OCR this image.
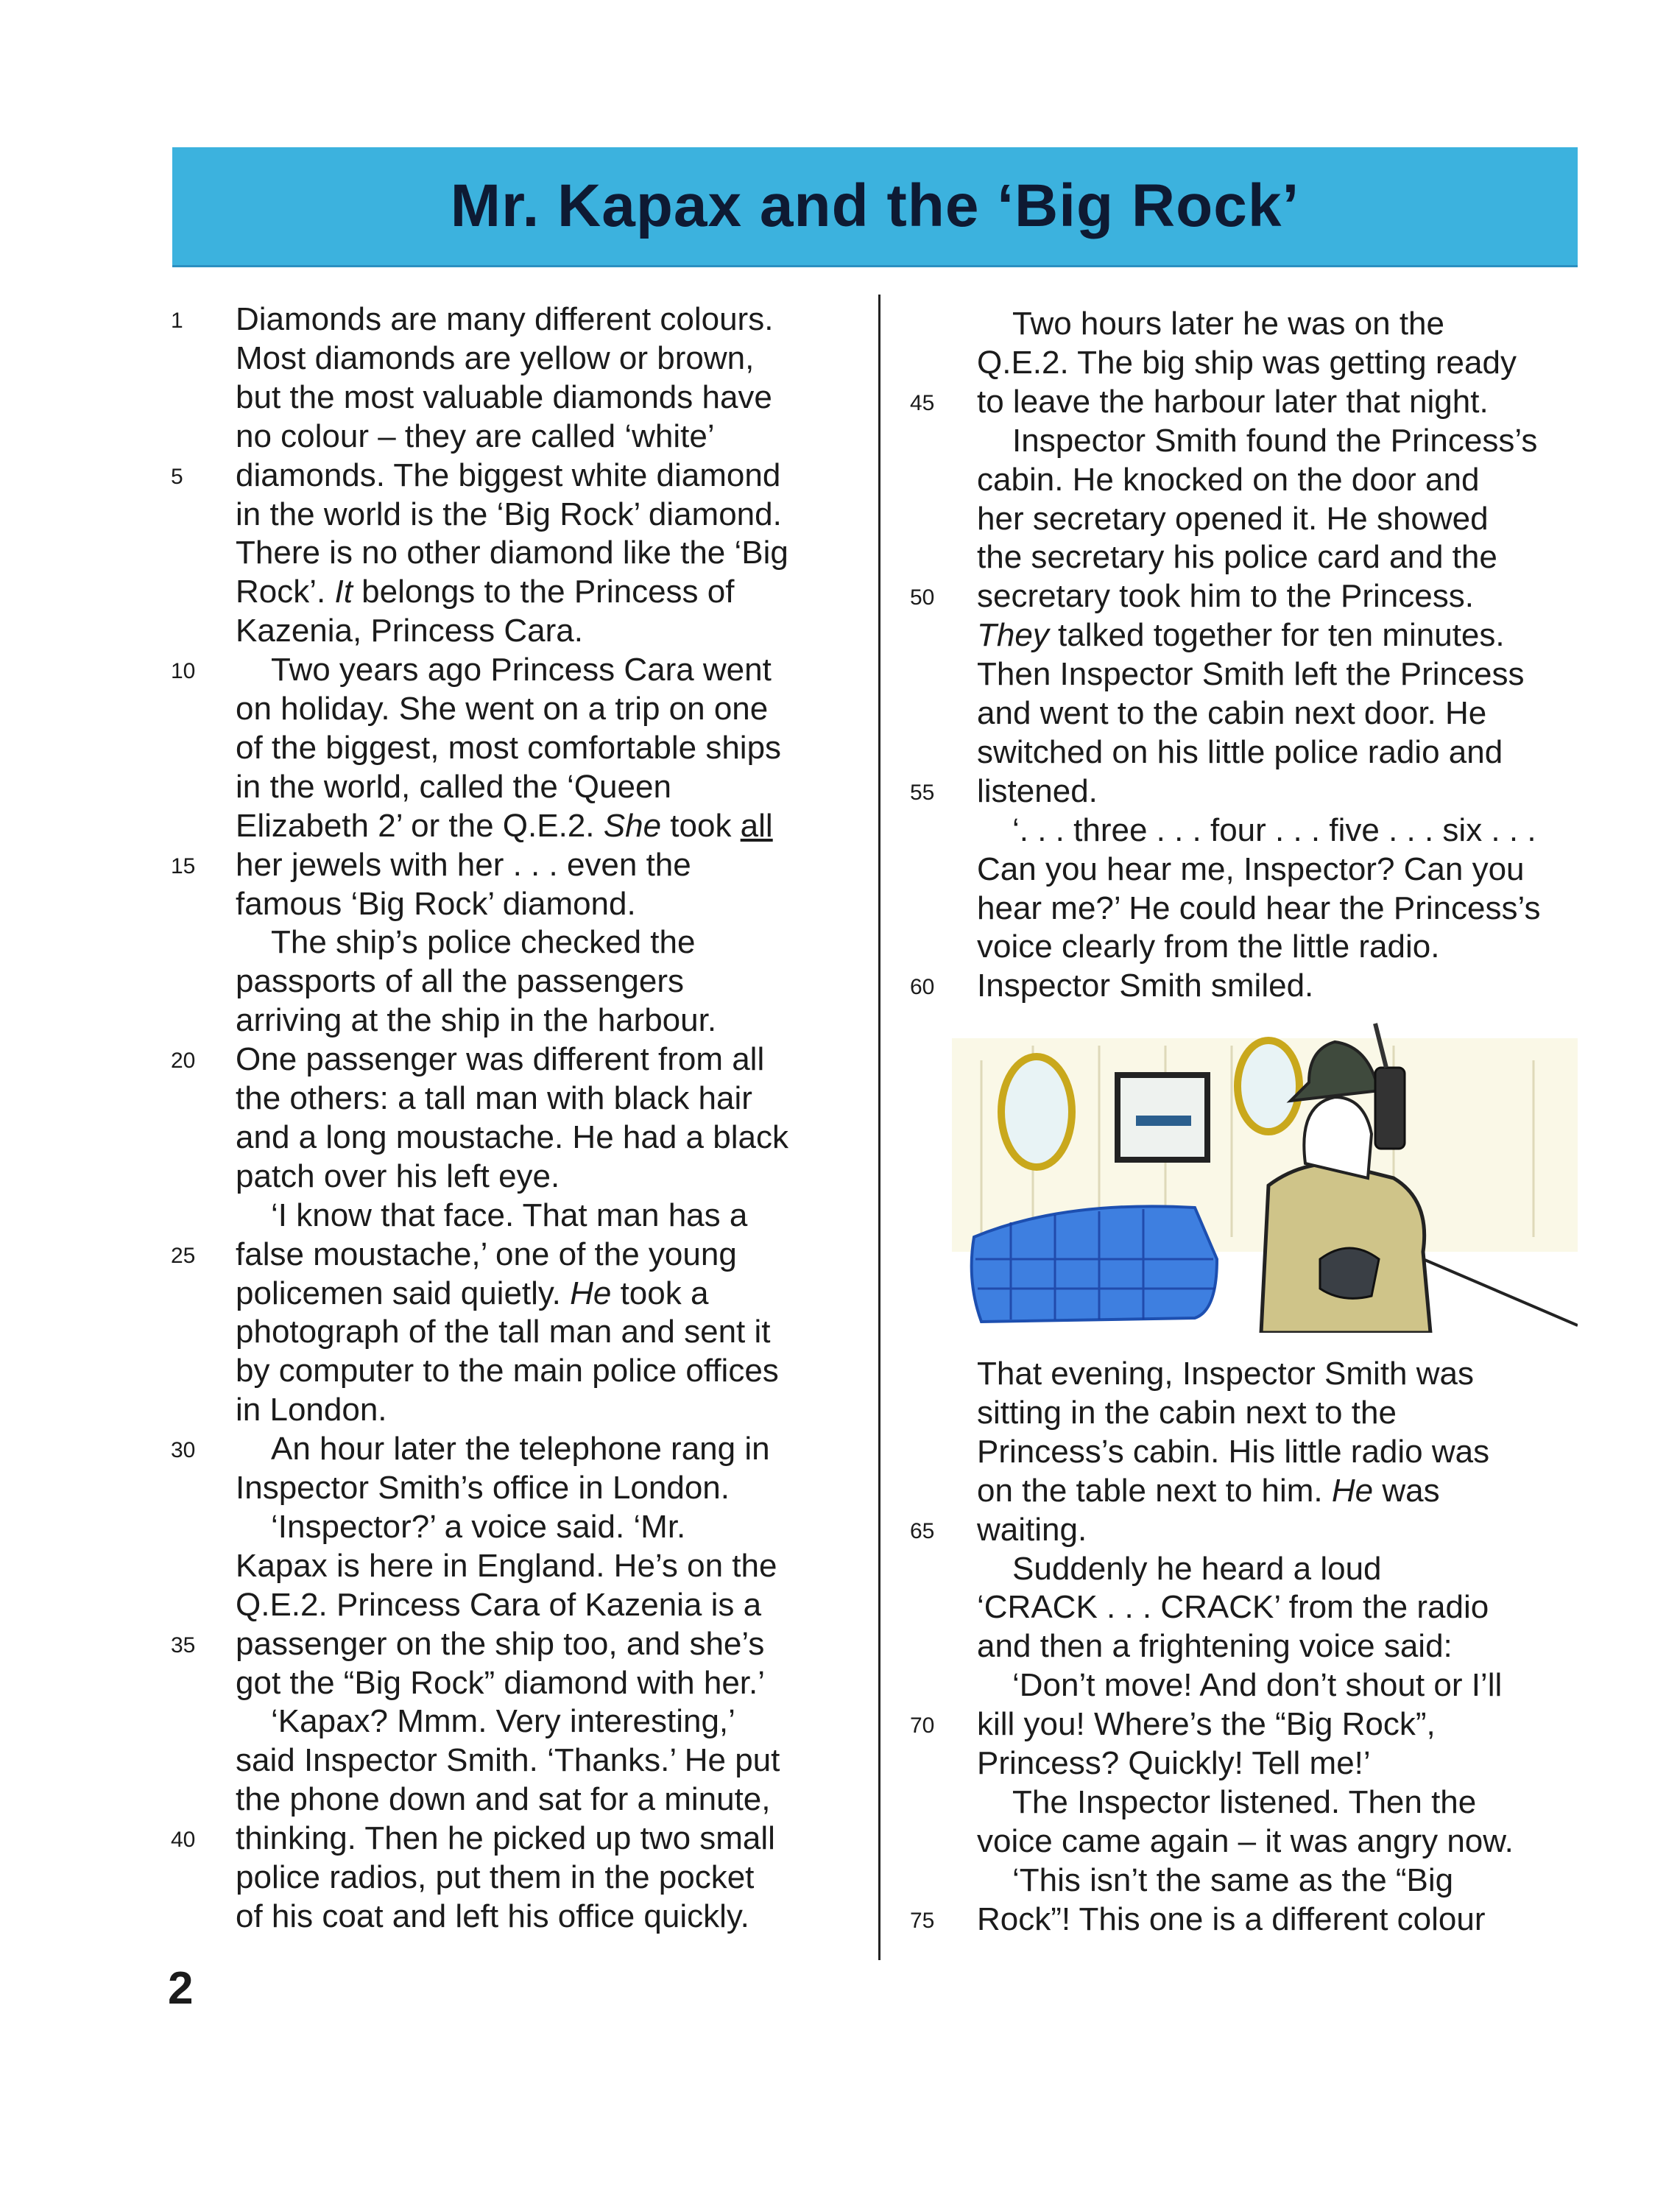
Mr. Kapax and the ‘Big Rock’
1 Diamonds are many different colours.
Most diamonds are yellow or brown,
but the most valuable diamonds have
no colour – they are called ‘white’
5 diamonds. The biggest white diamond
in the world is the ‘Big Rock’ diamond.
There is no other diamond like the ‘Big
Rock’. It belongs to the Princess of
Kazenia, Princess Cara.
10 Two years ago Princess Cara went
on holiday. She went on a trip on one
of the biggest, most comfortable ships
in the world, called the ‘Queen
Elizabeth 2’ or the Q.E.2. She took all
15 her jewels with her . . . even the
famous ‘Big Rock’ diamond.
The ship’s police checked the
passports of all the passengers
arriving at the ship in the harbour.
20 One passenger was different from all
the others: a tall man with black hair
and a long moustache. He had a black
patch over his left eye.
‘I know that face. That man has a
25 false moustache,’ one of the young
policemen said quietly. He took a
photograph of the tall man and sent it
by computer to the main police offices
in London.
30 An hour later the telephone rang in
Inspector Smith’s office in London.
‘Inspector?’ a voice said. ‘Mr.
Kapax is here in England. He’s on the
Q.E.2. Princess Cara of Kazenia is a
35 passenger on the ship too, and she’s
got the “Big Rock” diamond with her.’
‘Kapax? Mmm. Very interesting,’
said Inspector Smith. ‘Thanks.’ He put
the phone down and sat for a minute,
40 thinking. Then he picked up two small
police radios, put them in the pocket
of his coat and left his office quickly.
Two hours later he was on the
Q.E.2. The big ship was getting ready
45 to leave the harbour later that night.
Inspector Smith found the Princess’s
cabin. He knocked on the door and
her secretary opened it. He showed
the secretary his police card and the
50 secretary took him to the Princess.
They talked together for ten minutes.
Then Inspector Smith left the Princess
and went to the cabin next door. He
switched on his little police radio and
55 listened.
‘. . . three . . . four . . . five . . . six . . .
Can you hear me, Inspector? Can you
hear me?’ He could hear the Princess’s
voice clearly from the little radio.
60 Inspector Smith smiled.
That evening, Inspector Smith was
sitting in the cabin next to the
Princess’s cabin. His little radio was
on the table next to him. He was
65 waiting.
Suddenly he heard a loud
‘CRACK . . . CRACK’ from the radio
and then a frightening voice said:
‘Don’t move! And don’t shout or I’ll
70 kill you! Where’s the “Big Rock”,
Princess? Quickly! Tell me!’
The Inspector listened. Then the
voice came again – it was angry now.
‘This isn’t the same as the “Big
75 Rock”! This one is a different colour
2
